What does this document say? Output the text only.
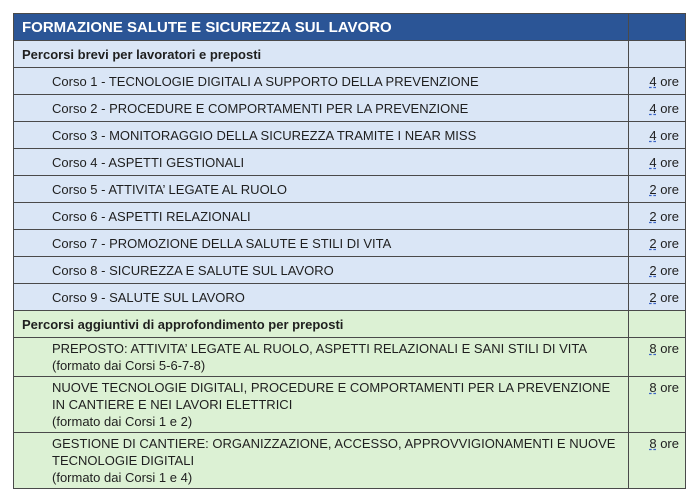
FORMAZIONE SALUTE E SICUREZZA SUL LAVORO	
Percorsi brevi per lavoratori e preposti	
Corso 1 - TECNOLOGIE DIGITALI A SUPPORTO DELLA PREVENZIONE	4 ore
Corso 2 - PROCEDURE E COMPORTAMENTI PER LA PREVENZIONE	4 ore
Corso 3 - MONITORAGGIO DELLA SICUREZZA TRAMITE I NEAR MISS	4 ore
Corso 4 - ASPETTI GESTIONALI	4 ore
Corso 5 - ATTIVITA’ LEGATE AL RUOLO	2 ore
Corso 6 - ASPETTI RELAZIONALI	2 ore
Corso 7 - PROMOZIONE DELLA SALUTE E STILI DI VITA	2 ore
Corso 8 - SICUREZZA E SALUTE SUL LAVORO	2 ore
Corso 9 - SALUTE SUL LAVORO	2 ore
Percorsi aggiuntivi di approfondimento per preposti	

PREPOSTO: ATTIVITA’ LEGATE AL RUOLO, ASPETTI RELAZIONALI E SANI STILI DI VITA
(formato dai Corsi 5-6-7-8)	8 ore

NUOVE TECNOLOGIE DIGITALI, PROCEDURE E COMPORTAMENTI PER LA PREVENZIONE
IN CANTIERE E NEI LAVORI ELETTRICI
(formato dai Corsi 1 e 2)	8 ore

GESTIONE DI CANTIERE: ORGANIZZAZIONE, ACCESSO, APPROVVIGIONAMENTI E NUOVE
TECNOLOGIE DIGITALI
(formato dai Corsi 1 e 4)	8 ore
